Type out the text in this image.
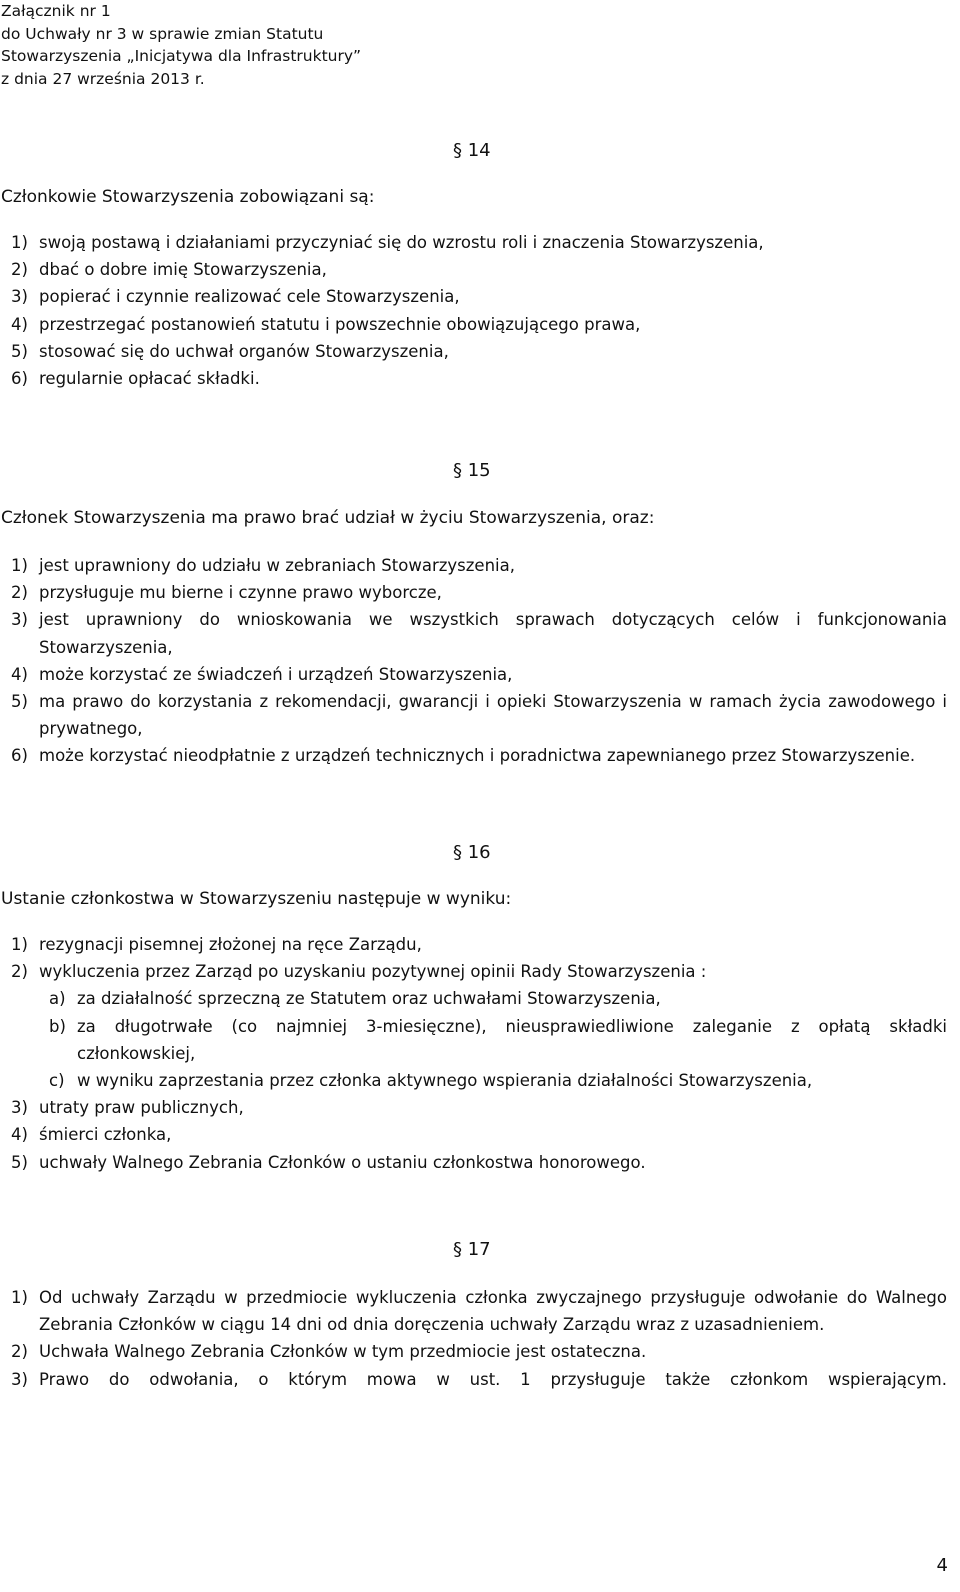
Załącznik nr 1
do Uchwały nr 3 w sprawie zmian Statutu
Stowarzyszenia „Inicjatywa dla Infrastruktury”
z dnia 27 września 2013 r.
§ 14
Członkowie Stowarzyszenia zobowiązani są:
1) swoją postawą i działaniami przyczyniać się do wzrostu roli i znaczenia Stowarzyszenia,
2) dbać o dobre imię Stowarzyszenia,
3) popierać i czynnie realizować cele Stowarzyszenia,
4) przestrzegać postanowień statutu i powszechnie obowiązującego prawa,
5) stosować się do uchwał organów Stowarzyszenia,
6) regularnie opłacać składki.
§ 15
Członek Stowarzyszenia ma prawo brać udział w życiu Stowarzyszenia, oraz:
1) jest uprawniony do udziału w zebraniach Stowarzyszenia,
2) przysługuje mu bierne i czynne prawo wyborcze,
3) jest uprawniony do wnioskowania we wszystkich sprawach dotyczących celów i funkcjonowania Stowarzyszenia,
4) może korzystać ze świadczeń i urządzeń Stowarzyszenia,
5) ma prawo do korzystania z rekomendacji, gwarancji i opieki Stowarzyszenia w ramach życia zawodowego i prywatnego,
6) może korzystać nieodpłatnie z urządzeń technicznych i poradnictwa zapewnianego przez Stowarzyszenie.
§ 16
Ustanie członkostwa w Stowarzyszeniu następuje w wyniku:
1) rezygnacji pisemnej złożonej na ręce Zarządu,
2) wykluczenia przez Zarząd po uzyskaniu pozytywnej opinii Rady Stowarzyszenia :
a) za działalność sprzeczną ze Statutem oraz uchwałami Stowarzyszenia,
b) za długotrwałe (co najmniej 3-miesięczne), nieusprawiedliwione zaleganie z opłatą składki członkowskiej,
c) w wyniku zaprzestania przez członka aktywnego wspierania działalności Stowarzyszenia,
3) utraty praw publicznych,
4) śmierci członka,
5) uchwały Walnego Zebrania Członków o ustaniu członkostwa honorowego.
§ 17
1) Od uchwały Zarządu w przedmiocie wykluczenia członka zwyczajnego przysługuje odwołanie do Walnego Zebrania Członków w ciągu 14 dni od dnia doręczenia uchwały Zarządu wraz z uzasadnieniem.
2) Uchwała Walnego Zebrania Członków w tym przedmiocie jest ostateczna.
3) Prawo do odwołania, o którym mowa w ust. 1 przysługuje także członkom wspierającym.
4
